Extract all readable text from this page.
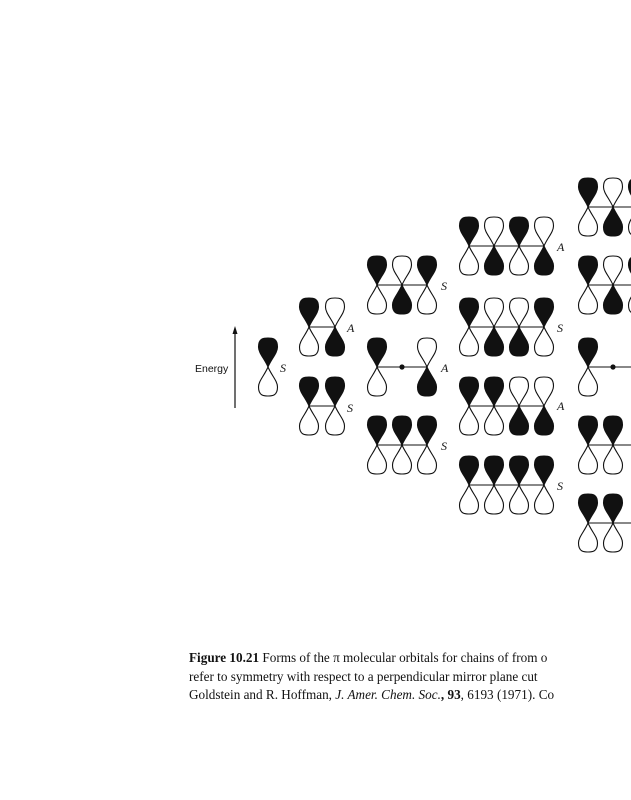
Energy	S
A
S
S
A
S
A
S
A
S
Figure 10.21 Forms of the π molecular orbitals for chains of from o
refer to symmetry with respect to a perpendicular mirror plane cut
Goldstein and R. Hoffman, J. Amer. Chem. Soc., 93, 6193 (1971). Co
